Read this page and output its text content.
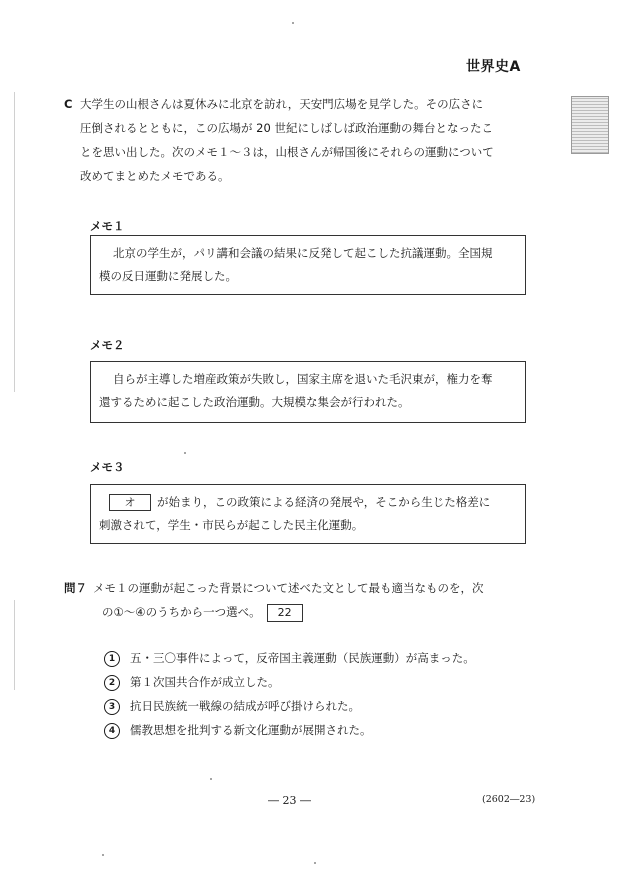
世界史A
C 大学生の山根さんは夏休みに北京を訪れ，天安門広場を見学した。その広さに
圧倒されるとともに，この広場が 20 世紀にしばしば政治運動の舞台となったこ
とを思い出した。次のメモ１～３は，山根さんが帰国後にそれらの運動について
改めてまとめたメモである。
メモ１
北京の学生が，パリ講和会議の結果に反発して起こした抗議運動。全国規
模の反日運動に発展した。
メモ２
自らが主導した増産政策が失敗し，国家主席を退いた毛沢東が，権力を奪
還するために起こした政治運動。大規模な集会が行われた。
メモ３
オ が始まり，この政策による経済の発展や，そこから生じた格差に
刺激されて，学生・市民らが起こした民主化運動。
問７ メモ１の運動が起こった背景について述べた文として最も適当なものを，次
の①～④のうちから一つ選べ。 22
1 五・三〇事件によって，反帝国主義運動（民族運動）が高まった。
2 第１次国共合作が成立した。
3 抗日民族統一戦線の結成が呼び掛けられた。
4 儒教思想を批判する新文化運動が展開された。
― 23 ―	(2602―23)
